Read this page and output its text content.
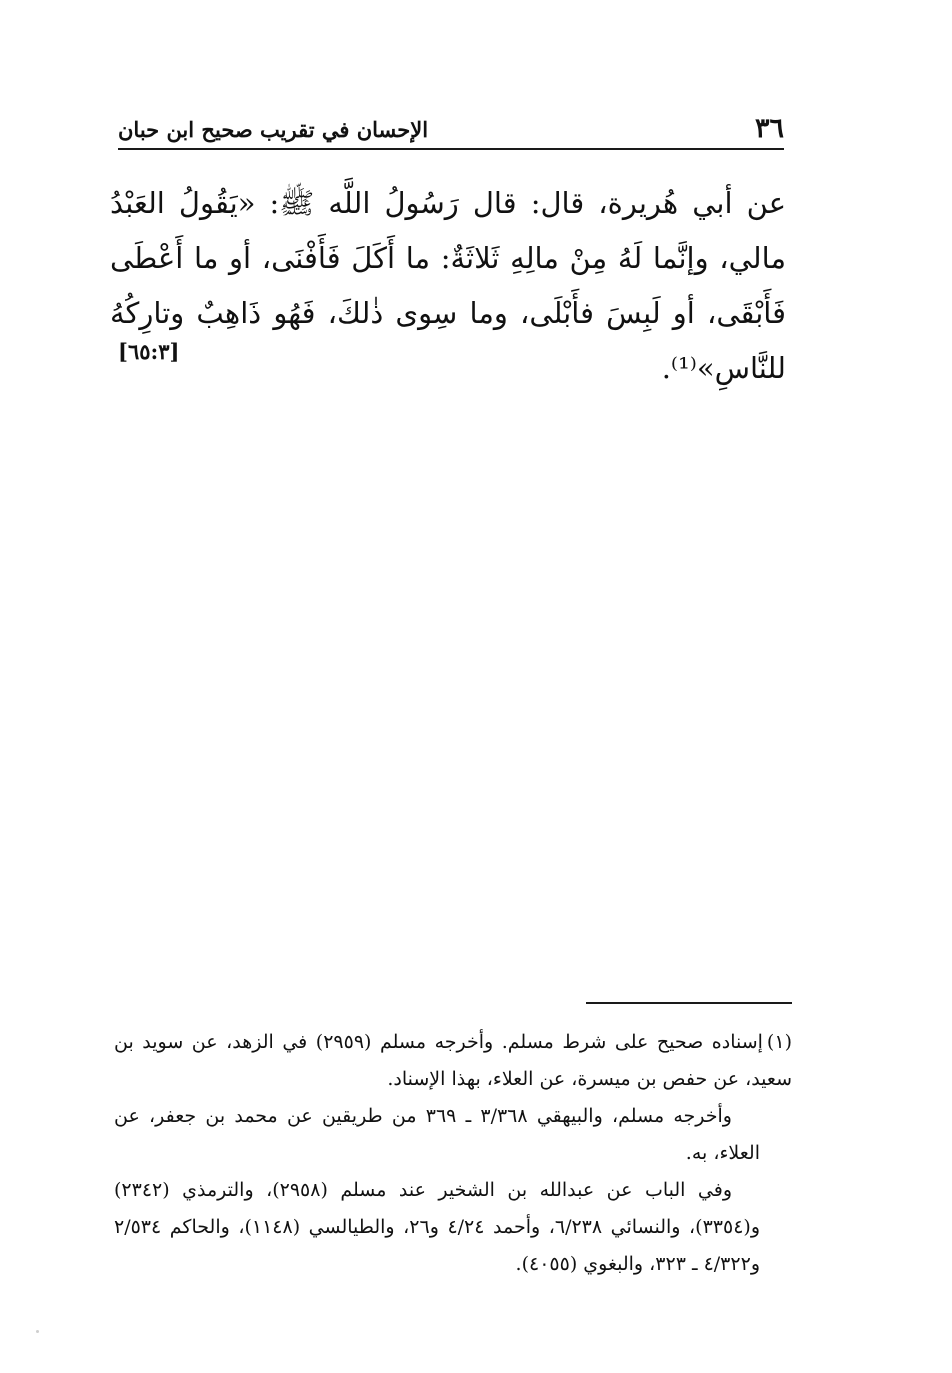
٣٦
الإحسان في تقريب صحيح ابن حبان

عن أبي هُريرة، قال: قال رَسُولُ اللَّه ﷺ: «يَقُولُ العَبْدُ مالي، وإنَّما لَهُ مِنْ مالِهِ ثَلاثَةٌ: ما أَكَلَ فَأَفْنَى، أو ما أَعْطَى فَأَبْقَى، أو لَبِسَ فأَبْلَى، وما سِوى ذٰلكَ، فَهُو ذَاهِبٌ وتارِكُهُ للنَّاسِ»⁽¹⁾.

[٦٥:٣]

(١)إسناده صحيح على شرط مسلم. وأخرجه مسلم (٢٩٥٩) في الزهد، عن سويد بن سعيد، عن حفص بن ميسرة، عن العلاء، بهذا الإسناد.

وأخرجه مسلم، والبيهقي ٣/٣٦٨ ـ ٣٦٩ من طريقين عن محمد بن جعفر، عن العلاء، به.

وفي الباب عن عبدالله بن الشخير عند مسلم (٢٩٥٨)، والترمذي (٢٣٤٢) و(٣٣٥٤)، والنسائي ٦/٢٣٨، وأحمد ٤/٢٤ و٢٦، والطيالسي (١١٤٨)، والحاكم ٢/٥٣٤ و٤/٣٢٢ ـ ٣٢٣، والبغوي (٤٠٥٥).
